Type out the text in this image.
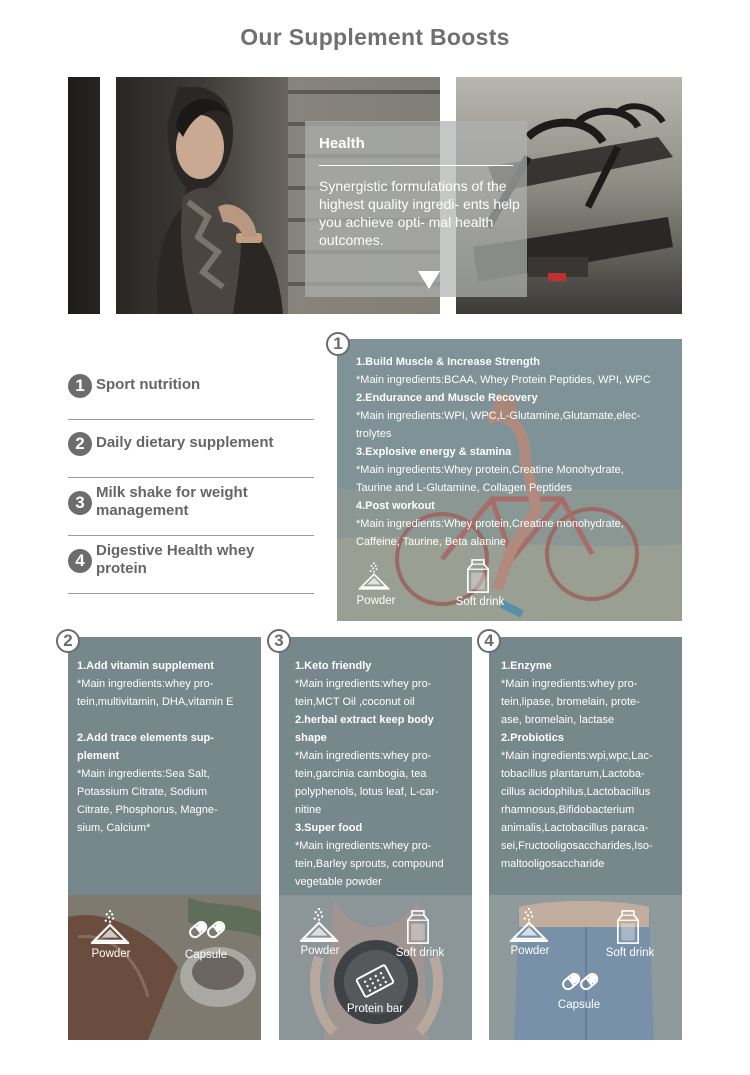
Our Supplement Boosts
Health
Synergistic formulations of the highest quality ingredi- ents help you achieve opti- mal health outcomes.
1 Sport nutrition
2 Daily dietary supplement
3
Milk shake for weight management
4
Digestive Health whey protein
1
1.Build Muscle & Increase Strength
*Main ingredients:BCAA, Whey Protein Peptides, WPI, WPC
2.Endurance and Muscle Recovery
*Main ingredients:WPI, WPC,L-Glutamine,Glutamate,elec-
trolytes
3.Explosive energy & stamina
*Main ingredients:Whey protein,Creatine Monohydrate,
Taurine and L-Glutamine, Collagen Peptides
4.Post workout
*Main ingredients:Whey protein,Creatine monohydrate,
Caffeine, Taurine, Beta alanine
Powder	Soft drink
2
1.Add vitamin supplement
*Main ingredients:whey pro-
tein,multivitamin, DHA,vitamin E

2.Add trace elements sup-
plement
*Main ingredients:Sea Salt,
Potassium Citrate, Sodium
Citrate, Phosphorus, Magne-
sium, Calcium*
Powder	Capsule
3
1.Keto friendly
*Main ingredients:whey pro-
tein,MCT Oil ,coconut oil
2.herbal extract keep body
shape
*Main ingredients:whey pro-
tein,garcinia cambogia, tea
polyphenols, lotus leaf, L-car-
nitine
3.Super food
*Main ingredients:whey pro-
tein,Barley sprouts, compound
vegetable powder
Powder	Soft drink
Protein bar
4
1.Enzyme
*Main ingredients:whey pro-
tein,lipase, bromelain, prote-
ase, bromelain, lactase
2.Probiotics
*Main ingredients:wpi,wpc,Lac-
tobacillus plantarum,Lactoba-
cillus acidophilus,Lactobacillus
rhamnosus,Bifidobacterium
animalis,Lactobacillus paraca-
sei,Fructooligosaccharides,Iso-
maltooligosaccharide
Powder	Soft drink
Capsule
